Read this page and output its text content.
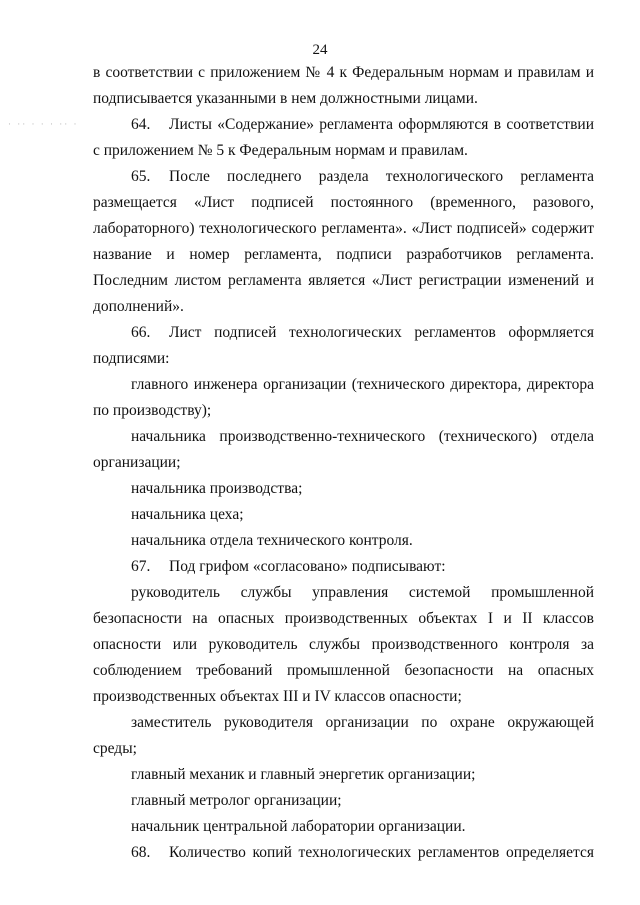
24
· ·· · · · ·· ·

в соответствии с приложением № 4 к Федеральным нормам и правилам и подписывается указанными в нем должностными лицами.

64. Листы «Содержание» регламента оформляются в соответствии с приложением № 5 к Федеральным нормам и правилам.

65. После последнего раздела технологического регламента размещается «Лист подписей постоянного (временного, разового, лабораторного) технологического регламента». «Лист подписей» содержит название и номер регламента, подписи разработчиков регламента. Последним листом регламента является «Лист регистрации изменений и дополнений».

66. Лист подписей технологических регламентов оформляется подписями:

главного инженера организации (технического директора, директора по производству);

начальника производственно-технического (технического) отдела организации;

начальника производства;

начальника цеха;

начальника отдела технического контроля.

67. Под грифом «согласовано» подписывают:

руководитель службы управления системой промышленной безопасности на опасных производственных объектах I и II классов опасности или руководитель службы производственного контроля за соблюдением требований промышленной безопасности на опасных производственных объектах III и IV классов опасности;

заместитель руководителя организации по охране окружающей среды;

главный механик и главный энергетик организации;

главный метролог организации;

начальник центральной лаборатории организации.

68. Количество копий технологических регламентов определяется
